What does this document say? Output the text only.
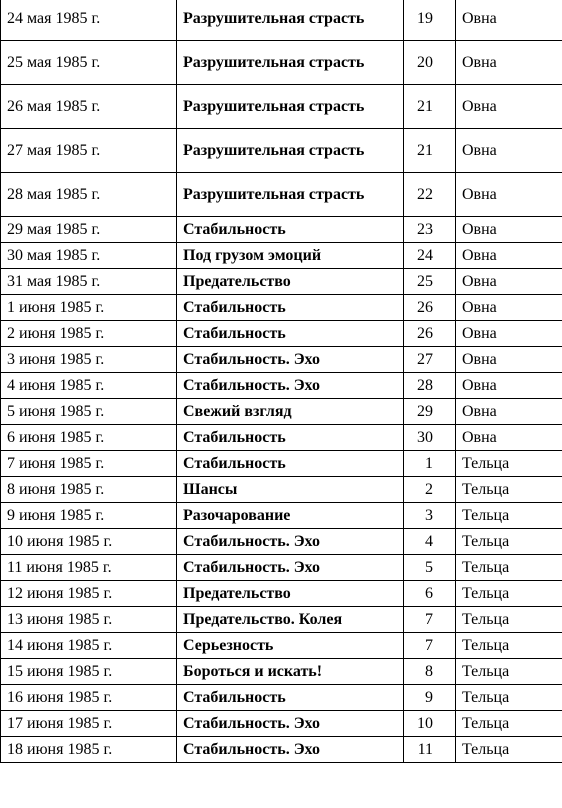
24 мая 1985 г.	Разрушительная страсть	19	Овна
25 мая 1985 г.	Разрушительная страсть	20	Овна
26 мая 1985 г.	Разрушительная страсть	21	Овна
27 мая 1985 г.	Разрушительная страсть	21	Овна
28 мая 1985 г.	Разрушительная страсть	22	Овна
29 мая 1985 г.	Стабильность	23	Овна
30 мая 1985 г.	Под грузом эмоций	24	Овна
31 мая 1985 г.	Предательство	25	Овна
1 июня 1985 г.	Стабильность	26	Овна
2 июня 1985 г.	Стабильность	26	Овна
3 июня 1985 г.	Стабильность. Эхо	27	Овна
4 июня 1985 г.	Стабильность. Эхо	28	Овна
5 июня 1985 г.	Свежий взгляд	29	Овна
6 июня 1985 г.	Стабильность	30	Овна
7 июня 1985 г.	Стабильность	1	Тельца
8 июня 1985 г.	Шансы	2	Тельца
9 июня 1985 г.	Разочарование	3	Тельца
10 июня 1985 г.	Стабильность. Эхо	4	Тельца
11 июня 1985 г.	Стабильность. Эхо	5	Тельца
12 июня 1985 г.	Предательство	6	Тельца
13 июня 1985 г.	Предательство. Колея	7	Тельца
14 июня 1985 г.	Серьезность	7	Тельца
15 июня 1985 г.	Бороться и искать!	8	Тельца
16 июня 1985 г.	Стабильность	9	Тельца
17 июня 1985 г.	Стабильность. Эхо	10	Тельца
18 июня 1985 г.	Стабильность. Эхо	11	Тельца
